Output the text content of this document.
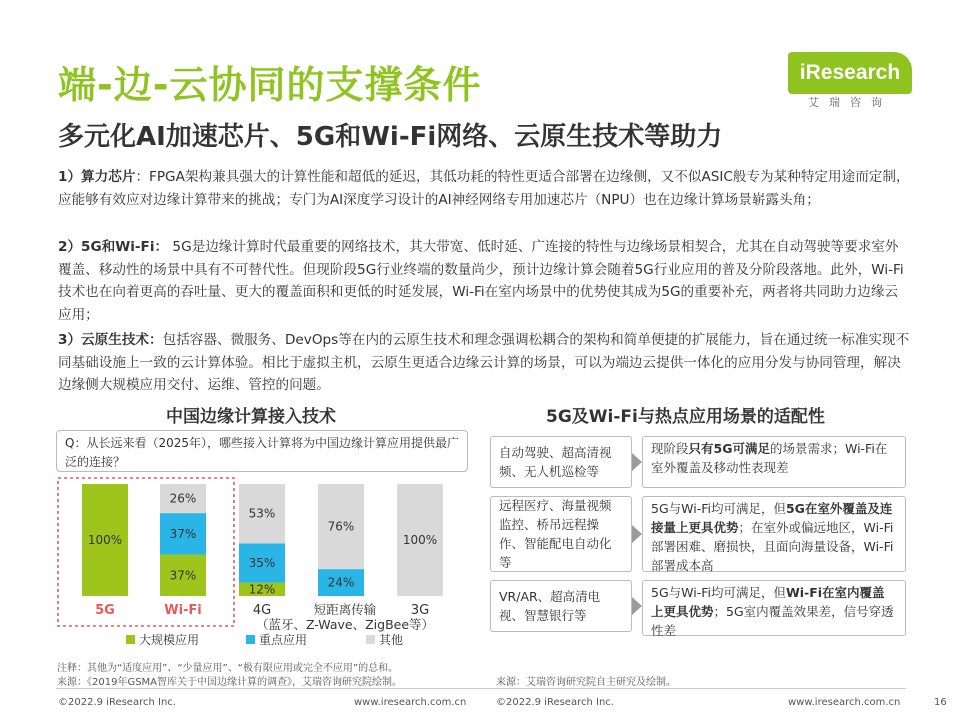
端-边-云协同的支撑条件
多元化AI加速芯片、5G和Wi-Fi网络、云原生技术等助力
iResearch
艾瑞咨询
1）算力芯片：FPGA架构兼具强大的计算性能和超低的延迟，其低功耗的特性更适合部署在边缘侧，又不似ASIC般专为某种特定用途而定制，应能够有效应对边缘计算带来的挑战；专门为AI深度学习设计的AI神经网络专用加速芯片（NPU）也在边缘计算场景崭露头角；
2）5G和Wi-Fi： 5G是边缘计算时代最重要的网络技术，其大带宽、低时延、广连接的特性与边缘场景相契合，尤其在自动驾驶等要求室外覆盖、移动性的场景中具有不可替代性。但现阶段5G行业终端的数量尚少，预计边缘计算会随着5G行业应用的普及分阶段落地。此外，Wi-Fi技术也在向着更高的吞吐量、更大的覆盖面积和更低的时延发展，Wi-Fi在室内场景中的优势使其成为5G的重要补充，两者将共同助力边缘云应用；
3）云原生技术：包括容器、微服务、DevOps等在内的云原生技术和理念强调松耦合的架构和简单便捷的扩展能力，旨在通过统一标准实现不同基础设施上一致的云计算体验。相比于虚拟主机，云原生更适合边缘云计算的场景，可以为端边云提供一体化的应用分发与协同管理，解决边缘侧大规模应用交付、运维、管控的问题。
中国边缘计算接入技术
Q：从长远来看（2025年），哪些接入计算将为中国边缘计算应用提供最广泛的连接？
100%
5G
37%
37%
26%
Wi-Fi
12%
35%
53%
4G
24%
76%
短距离传输
（蓝牙、Z-Wave、ZigBee等）
100%
3G
大规模应用	重点应用	其他
注释：其他为“适度应用”、“少量应用”、“极有限应用或完全不应用”的总和。
来源：《2019年GSMA智库关于中国边缘计算的调查》，艾瑞咨询研究院绘制。
5G及Wi-Fi与热点应用场景的适配性
自动驾驶、超高清视频、无人机巡检等
现阶段只有5G可满足的场景需求；Wi-Fi在室外覆盖及移动性表现差
远程医疗、海量视频监控、桥吊远程操作、智能配电自动化等
5G与Wi-Fi均可满足，但5G在室外覆盖及连接量上更具优势；在室外或偏远地区，Wi-Fi部署困难、磨损快，且面向海量设备，Wi-Fi部署成本高
VR/AR、超高清电视、智慧银行等
5G与Wi-Fi均可满足，但Wi-Fi在室内覆盖上更具优势；5G室内覆盖效果差，信号穿透性差
来源：艾瑞咨询研究院自主研究及绘制。
©2022.9 iResearch Inc.	www.iresearch.com.cn	©2022.9 iResearch Inc.	www.iresearch.com.cn	16
